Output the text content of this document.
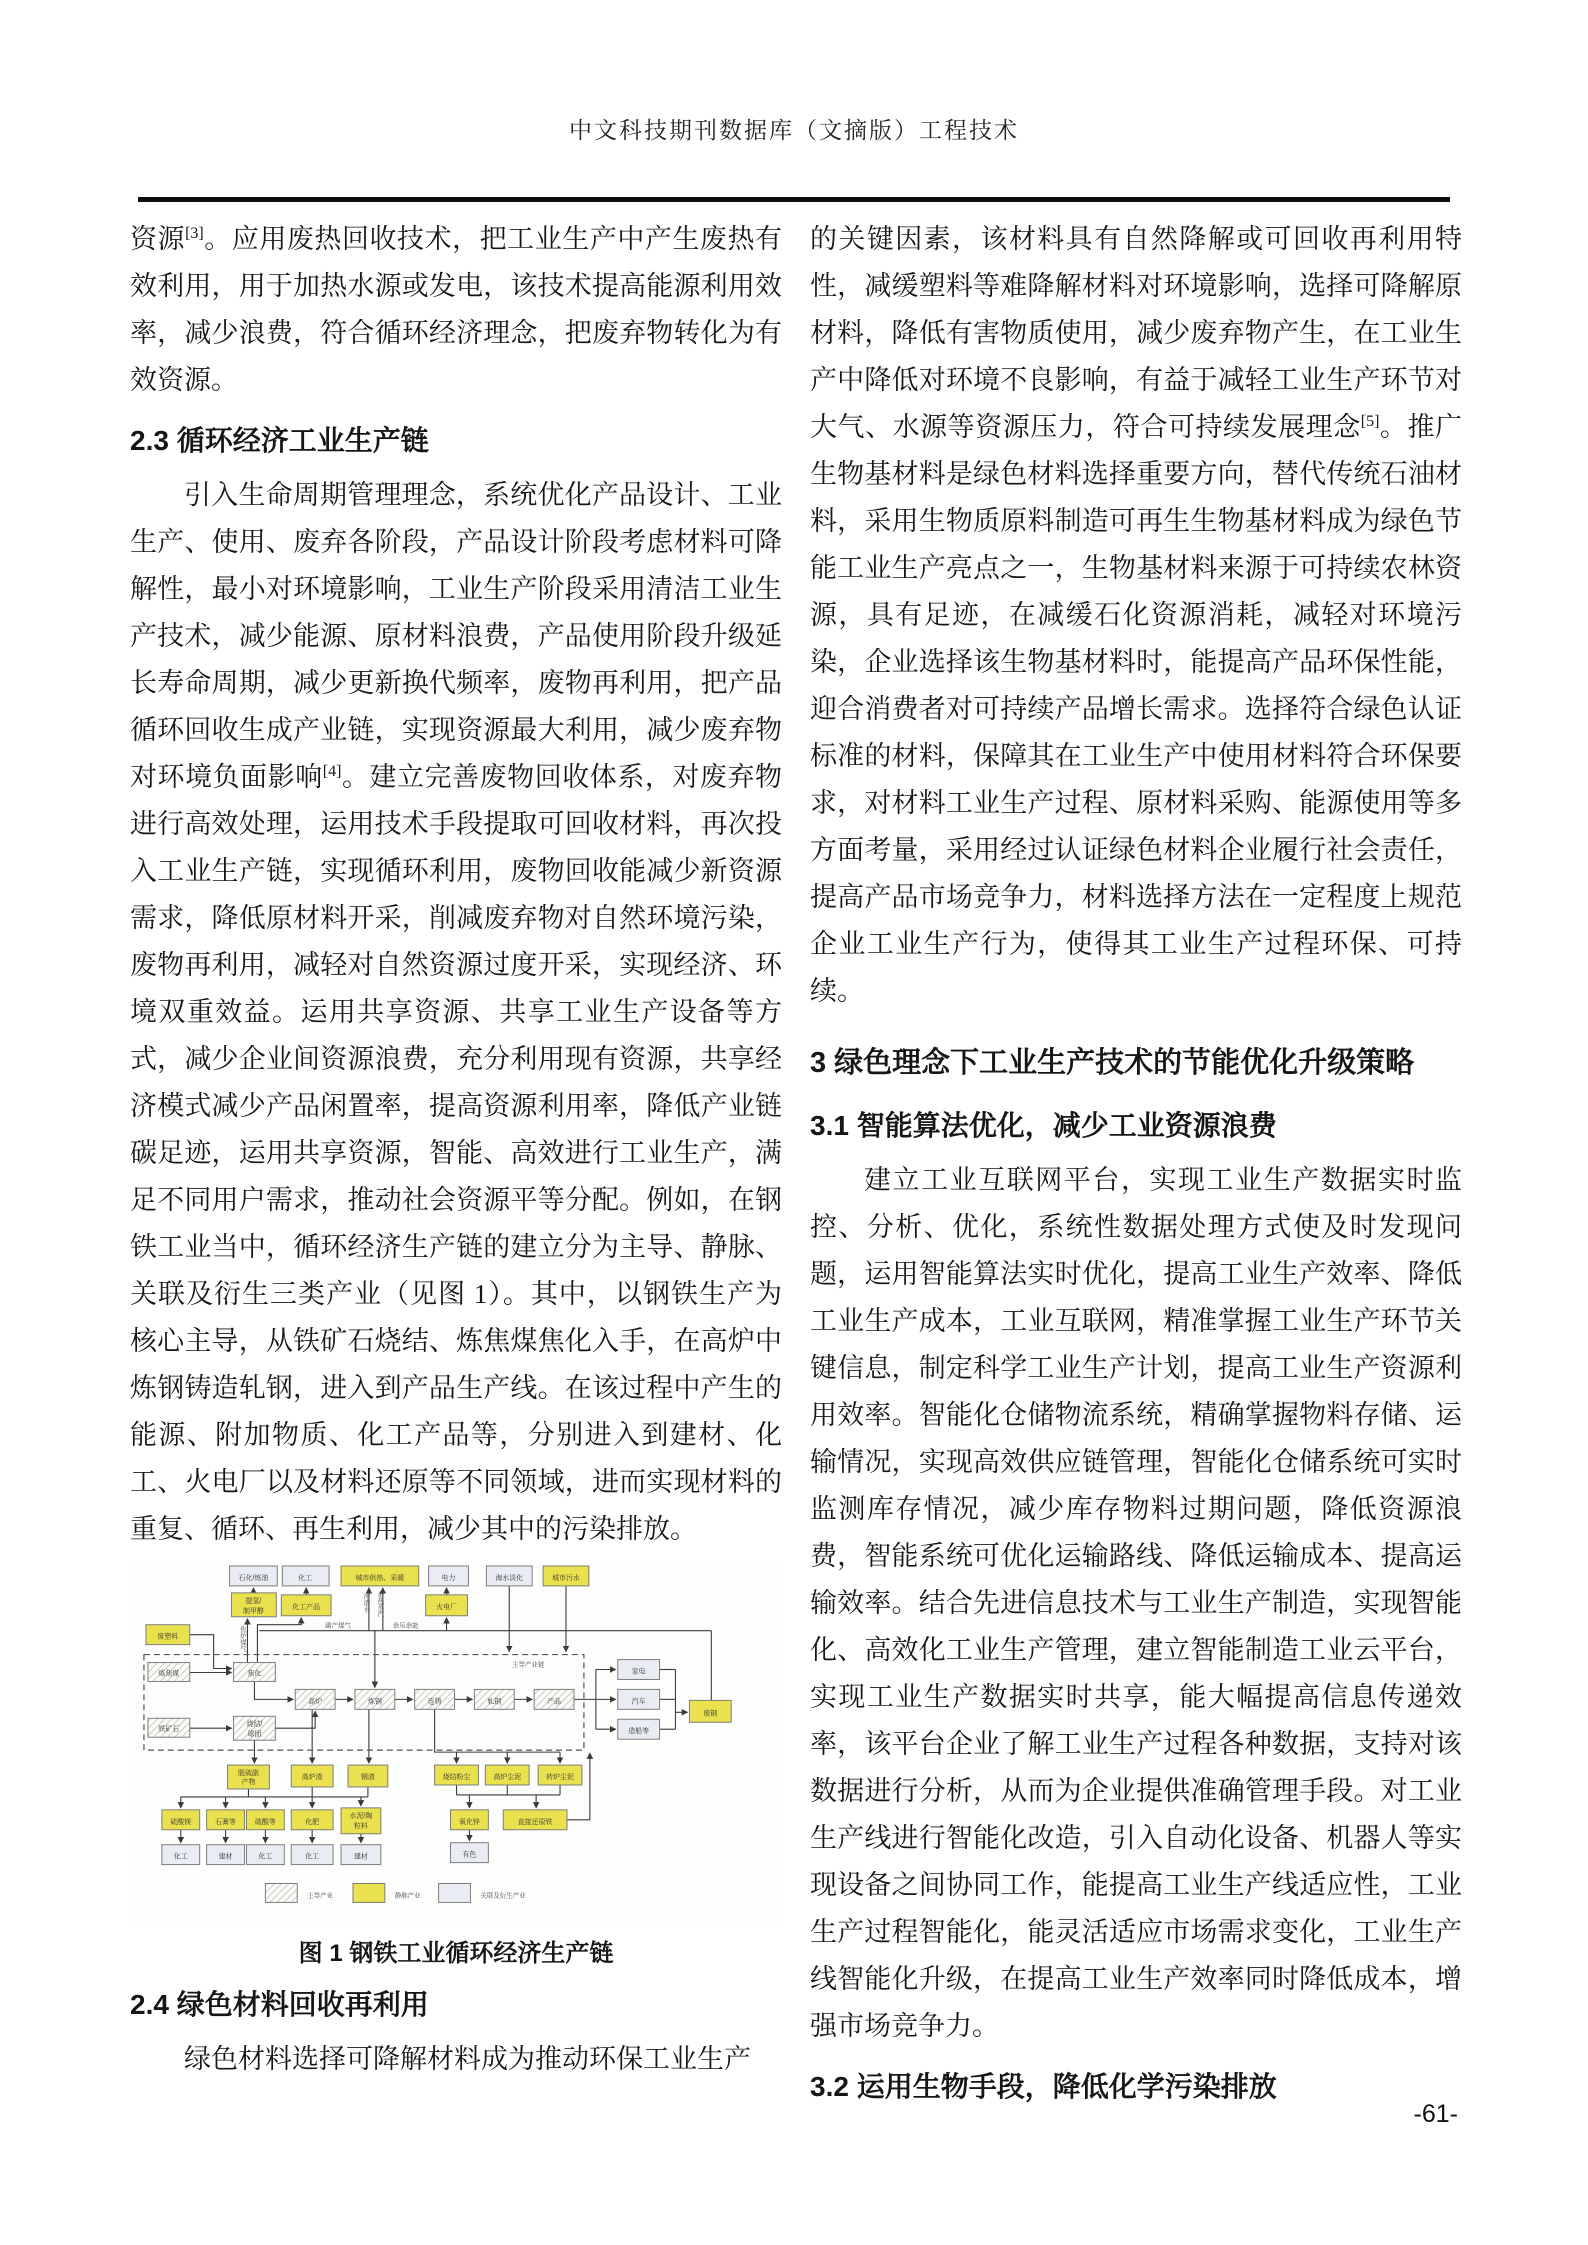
中文科技期刊数据库（文摘版）工程技术

资源[3]。应用废热回收技术，把工业生产中产生废热有效利用，用于加热水源或发电，该技术提高能源利用效率，减少浪费，符合循环经济理念，把废弃物转化为有效资源。

2.3 循环经济工业生产链

引入生命周期管理理念，系统优化产品设计、工业生产、使用、废弃各阶段，产品设计阶段考虑材料可降解性，最小对环境影响，工业生产阶段采用清洁工业生产技术，减少能源、原材料浪费，产品使用阶段升级延长寿命周期，减少更新换代频率，废物再利用，把产品循环回收生成产业链，实现资源最大利用，减少废弃物对环境负面影响[4]。建立完善废物回收体系，对废弃物进行高效处理，运用技术手段提取可回收材料，再次投入工业生产链，实现循环利用，废物回收能减少新资源需求，降低原材料开采，削减废弃物对自然环境污染，废物再利用，减轻对自然资源过度开采，实现经济、环境双重效益。运用共享资源、共享工业生产设备等方式，减少企业间资源浪费，充分利用现有资源，共享经济模式减少产品闲置率，提高资源利用率，降低产业链碳足迹，运用共享资源，智能、高效进行工业生产，满足不同用户需求，推动社会资源平等分配。例如，在钢铁工业当中，循环经济生产链的建立分为主导、静脉、关联及衍生三类产业（见图 1）。其中，以钢铁生产为核心主导，从铁矿石烧结、炼焦煤焦化入手，在高炉中炼钢铸造轧钢，进入到产品生产线。在该过程中产生的能源、附加物质、化工产品等，分别进入到建材、化工、火电厂以及材料还原等不同领域，进而实现材料的重复、循环、再生利用，减少其中的污染排放。

主导产业链
焦炉煤气
冲渣水 余热蒸汽
副产煤气	余压余能
石化/炼油	化工	城市供热、采暖	电力	海水淡化	城市污水
提氢/
制甲醇
化工产品	火电厂
废塑料
炼焦煤	焦化
铁矿石
烧结/
球团
高炉	炼钢	连铸	轧钢	产品
家电
汽车
造船等
废钢
脱硫副
产物
高炉渣	钢渣	烧结粉尘	高炉尘泥	转炉尘泥
硫酸镁	石膏等	硫酸等	化肥
水泥/陶
粒料
氧化锌	直接还原铁
化工	建材	化工	化工	建材	有色
主导产业	静脉产业	关联及衍生产业
图 1 钢铁工业循环经济生产链
2.4 绿色材料回收再利用

绿色材料选择可降解材料成为推动环保工业生产

的关键因素，该材料具有自然降解或可回收再利用特性，减缓塑料等难降解材料对环境影响，选择可降解原材料，降低有害物质使用，减少废弃物产生，在工业生产中降低对环境不良影响，有益于减轻工业生产环节对大气、水源等资源压力，符合可持续发展理念[5]。推广生物基材料是绿色材料选择重要方向，替代传统石油材料，采用生物质原料制造可再生生物基材料成为绿色节能工业生产亮点之一，生物基材料来源于可持续农林资源，具有足迹，在减缓石化资源消耗，减轻对环境污染，企业选择该生物基材料时，能提高产品环保性能，迎合消费者对可持续产品增长需求。选择符合绿色认证标准的材料，保障其在工业生产中使用材料符合环保要求，对材料工业生产过程、原材料采购、能源使用等多方面考量，采用经过认证绿色材料企业履行社会责任，提高产品市场竞争力，材料选择方法在一定程度上规范企业工业生产行为，使得其工业生产过程环保、可持续。

3 绿色理念下工业生产技术的节能优化升级策略
3.1 智能算法优化，减少工业资源浪费

建立工业互联网平台，实现工业生产数据实时监控、分析、优化，系统性数据处理方式使及时发现问题，运用智能算法实时优化，提高工业生产效率、降低工业生产成本，工业互联网，精准掌握工业生产环节关键信息，制定科学工业生产计划，提高工业生产资源利用效率。智能化仓储物流系统，精确掌握物料存储、运输情况，实现高效供应链管理，智能化仓储系统可实时监测库存情况，减少库存物料过期问题，降低资源浪费，智能系统可优化运输路线、降低运输成本、提高运输效率。结合先进信息技术与工业生产制造，实现智能化、高效化工业生产管理，建立智能制造工业云平台，实现工业生产数据实时共享，能大幅提高信息传递效率，该平台企业了解工业生产过程各种数据，支持对该数据进行分析，从而为企业提供准确管理手段。对工业生产线进行智能化改造，引入自动化设备、机器人等实现设备之间协同工作，能提高工业生产线适应性，工业生产过程智能化，能灵活适应市场需求变化，工业生产线智能化升级，在提高工业生产效率同时降低成本，增强市场竞争力。

3.2 运用生物手段，降低化学污染排放
-61-
